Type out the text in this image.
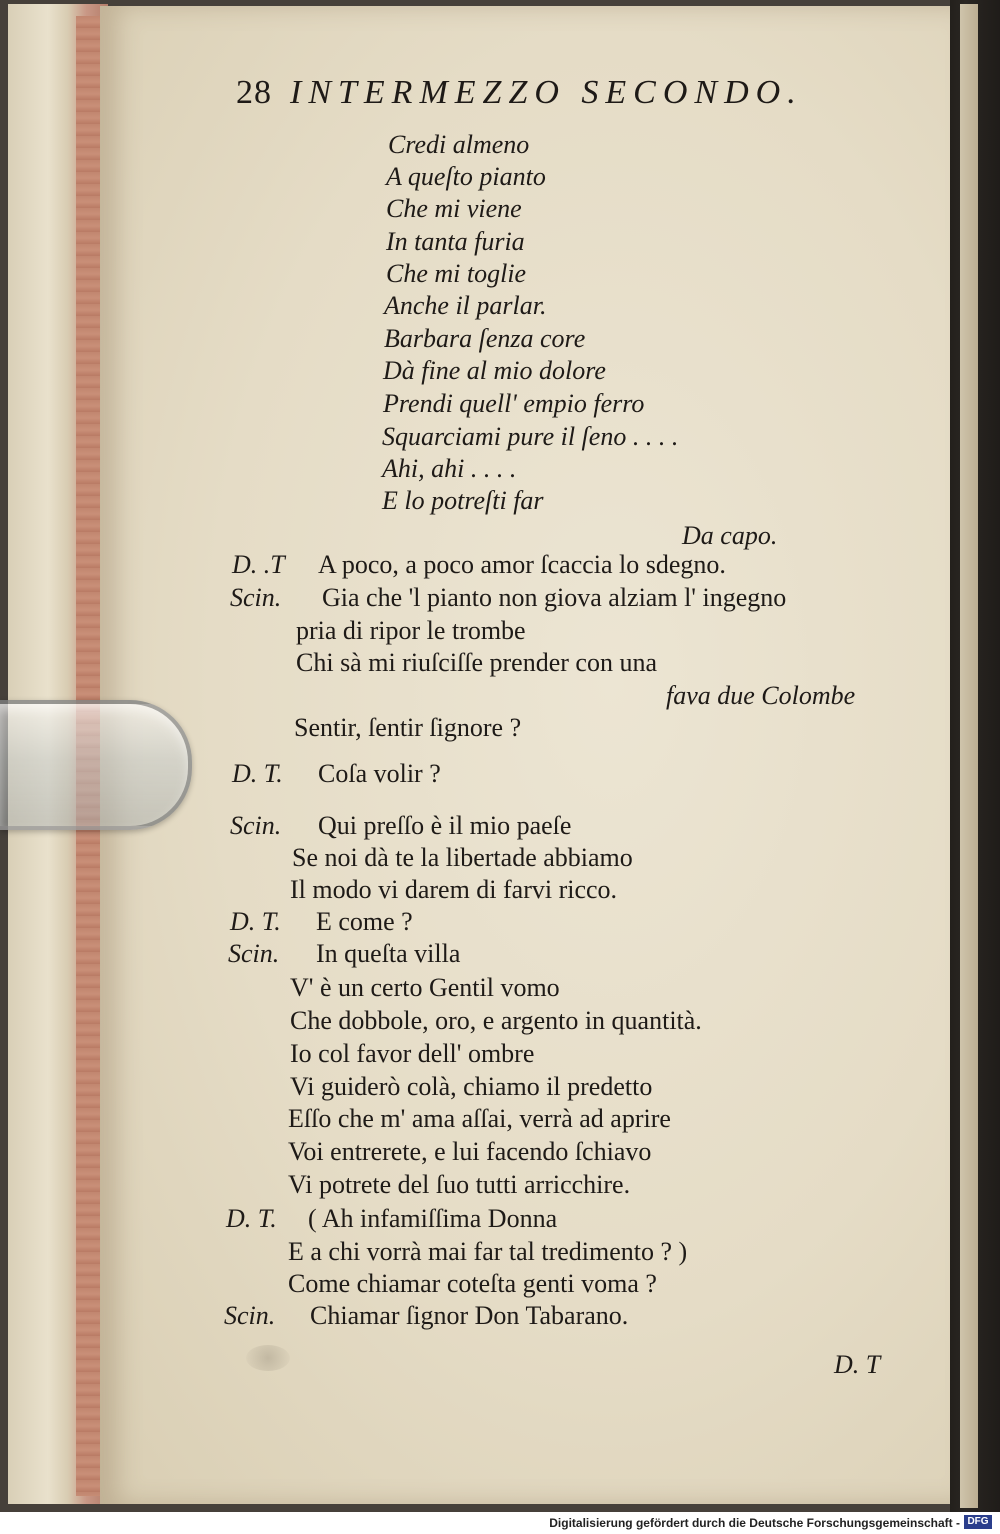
28 INTERMEZZO SECONDO.
Credi almeno
A queſto pianto
Che mi viene
In tanta furia
Che mi toglie
Anche il parlar.
Barbara ſenza core
Dà fine al mio dolore
Prendi quell' empio ferro
Squarciami pure il ſeno . . . .
Ahi, ahi . . . .
E lo potreſti far
Da capo.
D. .T A poco, a poco amor ſcaccia lo sdegno.
Scin. Gia che 'l pianto non giova alziam l' ingegno
pria di ripor le trombe
Chi sà mi riuſciſſe prender con una
fava due Colombe
Sentir, ſentir ſignore ?
D. T. Coſa volir ?
Scin. Qui preſſo è il mio paeſe
Se noi dà te la libertade abbiamo
Il modo vi darem di farvi ricco.
D. T. E come ?
Scin. In queſta villa
V' è un certo Gentil vomo
Che dobbole, oro, e argento in quantità.
Io col favor dell' ombre
Vi guiderò colà, chiamo il predetto
Eſſo che m' ama aſſai, verrà ad aprire
Voi entrerete, e lui facendo ſchiavo
Vi potrete del ſuo tutti arricchire.
D. T. ( Ah infamiſſima Donna
E a chi vorrà mai far tal tredimento ? )
Come chiamar coteſta genti voma ?
Scin. Chiamar ſignor Don Tabarano.
D. T
Digitalisierung gefördert durch die Deutsche Forschungsgemeinschaft - DFG
